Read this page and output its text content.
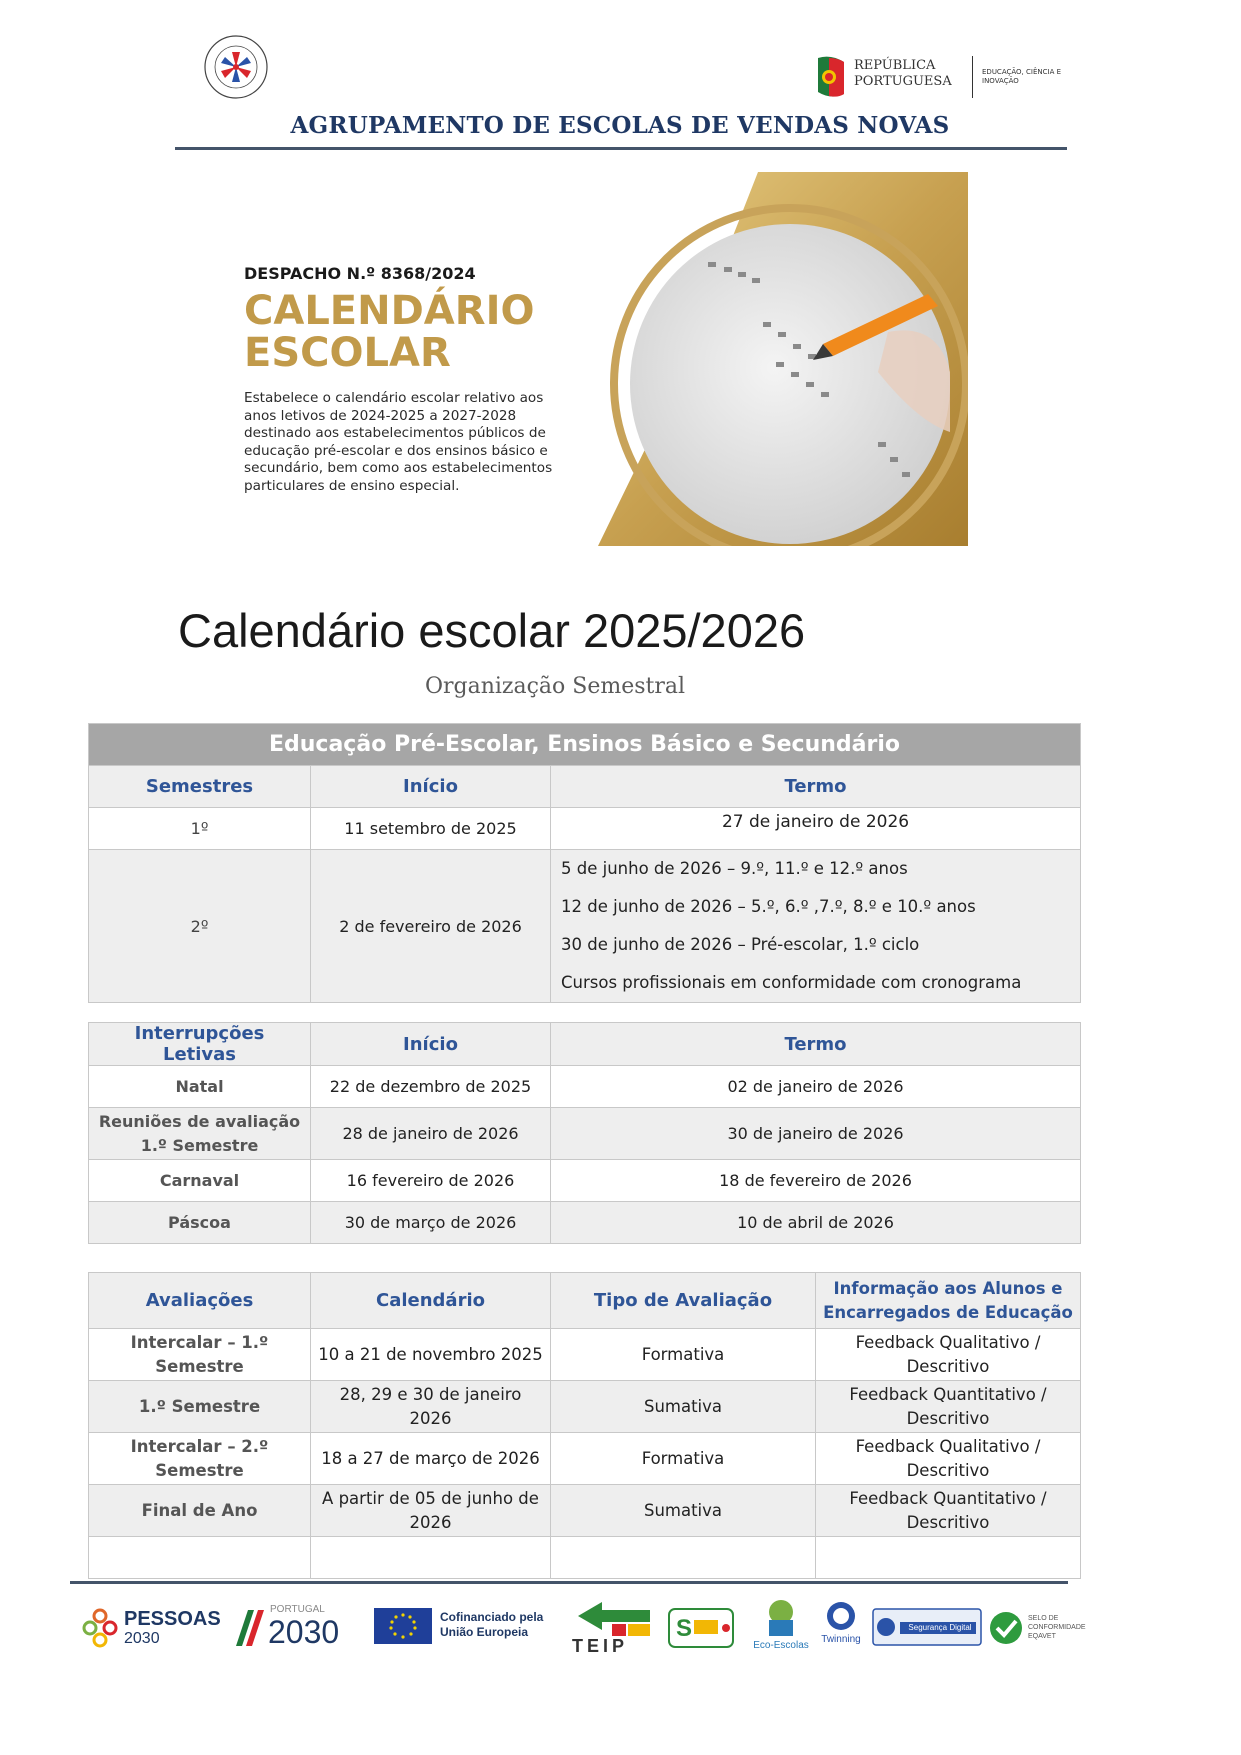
REPÚBLICA PORTUGUESA
EDUCAÇÃO, CIÊNCIA E INOVAÇÃO
AGRUPAMENTO DE ESCOLAS DE VENDAS NOVAS
DESPACHO N.º 8368/2024
CALENDÁRIO ESCOLAR
Estabelece o calendário escolar relativo aos anos letivos de 2024-2025 a 2027-2028 destinado aos estabelecimentos públicos de educação pré-escolar e dos ensinos básico e secundário, bem como aos estabelecimentos particulares de ensino especial.
Calendário escolar 2025/2026
Organização Semestral
Educação Pré-Escolar, Ensinos Básico e Secundário		
Semestres	Início	Termo
1º	11 setembro de 2025	27 de janeiro de 2026
2º	2 de fevereiro de 2026	5 de junho de 2026 – 9.º, 11.º e 12.º anos
12 de junho de 2026 – 5.º, 6.º ,7.º, 8.º e 10.º anos
30 de junho de 2026 – Pré-escolar, 1.º ciclo
Cursos profissionais em conformidade com cronograma
Interrupções Letivas	Início	Termo
Natal	22 de dezembro de 2025	02 de janeiro de 2026
Reuniões de avaliação 1.º Semestre	28 de janeiro de 2026	30 de janeiro de 2026
Carnaval	16 fevereiro de 2026	18 de fevereiro de 2026
Páscoa	30 de março de 2026	10 de abril de 2026
Avaliações	Calendário	Tipo de Avaliação	Informação aos Alunos e Encarregados de Educação
Intercalar – 1.º Semestre	10 a 21 de novembro 2025	Formativa	Feedback Qualitativo / Descritivo
1.º Semestre	28, 29 e 30 de janeiro 2026	Sumativa	Feedback Quantitativo / Descritivo
Intercalar – 2.º Semestre	18 a 27 de março de 2026	Formativa	Feedback Qualitativo / Descritivo
Final de Ano	A partir de 05 de junho de 2026	Sumativa	Feedback Quantitativo / Descritivo

PESSOAS
2030
PORTUGAL
2030	Cofinanciado pela União Europeia
TEIP
S
Eco-Escolas
Twinning
Segurança Digital
SELO DE CONFORMIDADE EQAVET
